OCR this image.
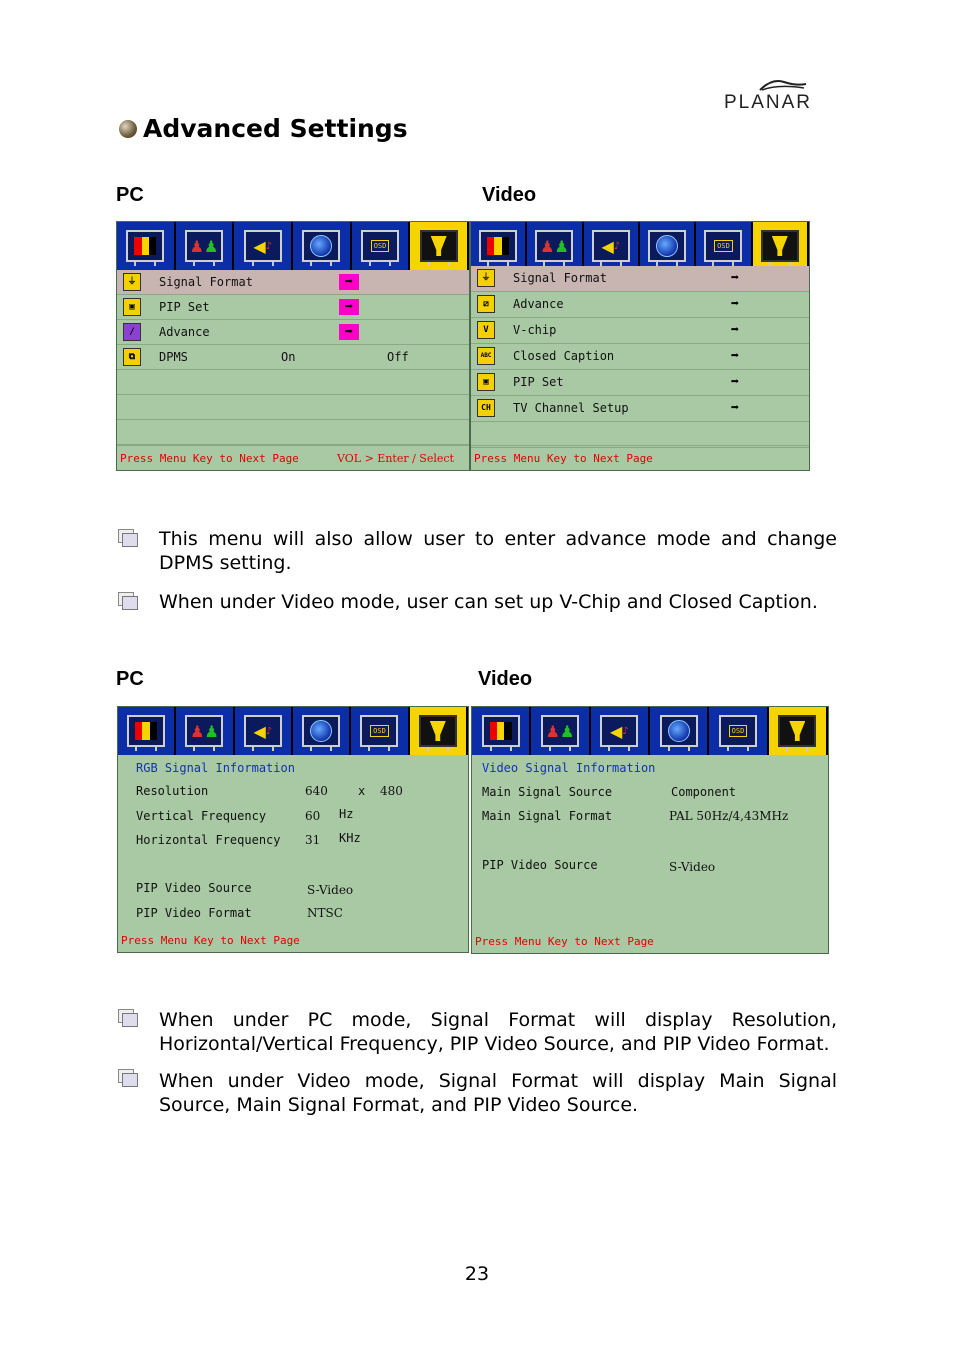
PLANAR
Advanced Settings
PC	Video
♟ ♟ ◀ ♪	OSD
⏚	Signal Format	➡
▣	PIP Set	➡
∕	Advance	➡
⧉	DPMS	On	Off
Press Menu Key to Next Page	VOL > Enter / Select
♟ ♟ ◀ ♪	OSD
⏚	Signal Format	➡
⧄	Advance	➡
V	V-chip	➡
ABC Closed Caption	➡
▣	PIP Set	➡
CH	TV Channel Setup	➡
Press Menu Key to Next Page
This menu will also allow user to enter advance mode and change DPMS setting.
When under Video mode, user can set up V-Chip and Closed Caption.
PC	Video
♟ ♟ ◀ ♪	OSD
RGB Signal Information
Resolution	640	x 480
Vertical Frequency	60 Hz
Horizontal Frequency 31 KHz
PIP Video Source	S-Video
PIP Video Format	NTSC
Press Menu Key to Next Page
♟ ♟ ◀ ♪	OSD
Video Signal Information
Main Signal Source	Component
Main Signal Format	PAL 50Hz/4,43MHz
PIP Video Source	S-Video
Press Menu Key to Next Page
When under PC mode, Signal Format will display Resolution, Horizontal/Vertical Frequency, PIP Video Source, and PIP Video Format.
When under Video mode, Signal Format will display Main Signal Source, Main Signal Format, and PIP Video Source.
23
